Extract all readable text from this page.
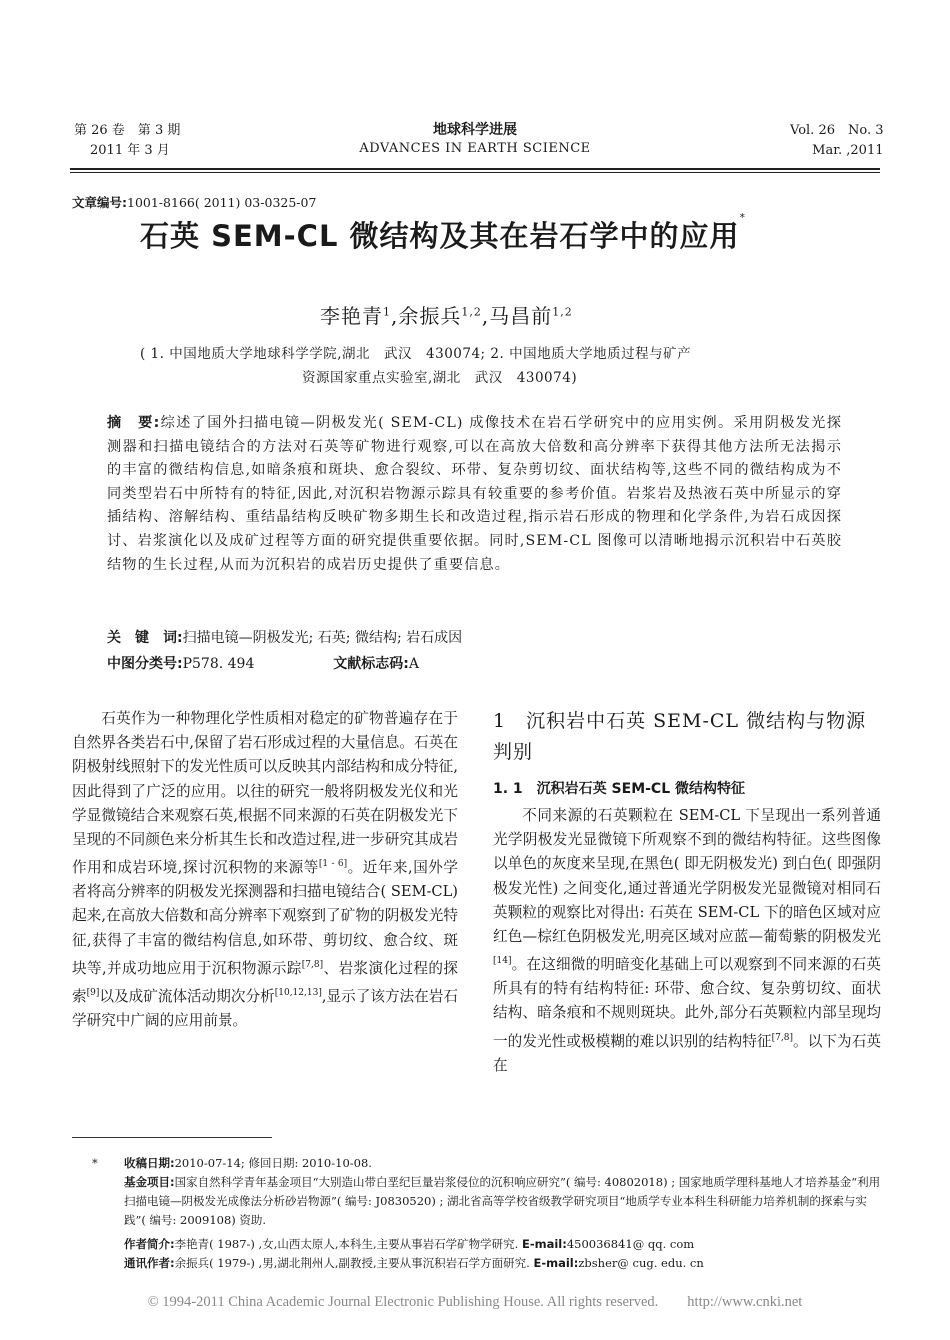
第 26 卷　第 3 期
2011 年 3 月
地球科学进展
ADVANCES IN EARTH SCIENCE
Vol. 26　No. 3
Mar. ,2011
文章编号:1001-8166( 2011) 03-0325-07
石英 SEM-CL 微结构及其在岩石学中的应用*
李艳青$^1$,余振兵$^{1,2}$,马昌前$^{1,2}$
( 1. 中国地质大学地球科学学院,湖北　武汉　430074; 2. 中国地质大学地质过程与矿产
资源国家重点实验室,湖北　武汉　430074)
摘　要:综述了国外扫描电镜—阴极发光( SEM-CL) 成像技术在岩石学研究中的应用实例。采用阴极发光探测器和扫描电镜结合的方法对石英等矿物进行观察,可以在高放大倍数和高分辨率下获得其他方法所无法揭示的丰富的微结构信息,如暗条痕和斑块、愈合裂纹、环带、复杂剪切纹、面状结构等,这些不同的微结构成为不同类型岩石中所特有的特征,因此,对沉积岩物源示踪具有较重要的参考价值。岩浆岩及热液石英中所显示的穿插结构、溶解结构、重结晶结构反映矿物多期生长和改造过程,指示岩石形成的物理和化学条件,为岩石成因探讨、岩浆演化以及成矿过程等方面的研究提供重要依据。同时,SEM-CL 图像可以清晰地揭示沉积岩中石英胶结物的生长过程,从而为沉积岩的成岩历史提供了重要信息。
关　键　词:扫描电镜—阴极发光; 石英; 微结构; 岩石成因
中图分类号:P578. 494	文献标志码:A

石英作为一种物理化学性质相对稳定的矿物普遍存在于自然界各类岩石中,保留了岩石形成过程的大量信息。石英在阴极射线照射下的发光性质可以反映其内部结构和成分特征,因此得到了广泛的应用。以往的研究一般将阴极发光仪和光学显微镜结合来观察石英,根据不同来源的石英在阴极发光下呈现的不同颜色来分析其生长和改造过程,进一步研究其成岩作用和成岩环境,探讨沉积物的来源等[1 - 6]。近年来,国外学者将高分辨率的阴极发光探测器和扫描电镜结合( SEM-CL) 起来,在高放大倍数和高分辨率下观察到了矿物的阴极发光特征,获得了丰富的微结构信息,如环带、剪切纹、愈合纹、斑块等,并成功地应用于沉积物源示踪[7,8]、岩浆演化过程的探索[9]以及成矿流体活动期次分析[10,12,13],显示了该方法在岩石学研究中广阔的应用前景。

1　沉积岩中石英 SEM-CL 微结构与物源判别
1. 1　沉积岩石英 SEM-CL 微结构特征

不同来源的石英颗粒在 SEM-CL 下呈现出一系列普通光学阴极发光显微镜下所观察不到的微结构特征。这些图像以单色的灰度来呈现,在黑色( 即无阴极发光) 到白色( 即强阴极发光性) 之间变化,通过普通光学阴极发光显微镜对相同石英颗粒的观察比对得出: 石英在 SEM-CL 下的暗色区域对应红色—棕红色阴极发光,明亮区域对应蓝—葡萄紫的阴极发光[14]。在这细微的明暗变化基础上可以观察到不同来源的石英所具有的特有结构特征: 环带、愈合纹、复杂剪切纹、面状结构、暗条痕和不规则斑块。此外,部分石英颗粒内部呈现均一的发光性或极模糊的难以识别的结构特征[7,8]。以下为石英在

* 收稿日期:2010-07-14; 修回日期: 2010-10-08.
基金项目:国家自然科学青年基金项目“大别造山带白垩纪巨量岩浆侵位的沉积响应研究”( 编号: 40802018) ; 国家地质学理科基地人才培养基金“利用扫描电镜—阴极发光成像法分析砂岩物源”( 编号: J0830520) ; 湖北省高等学校省级教学研究项目“地质学专业本科生科研能力培养机制的探索与实践”( 编号: 2009108) 资助.
作者简介:李艳青( 1987-) ,女,山西太原人,本科生,主要从事岩石学矿物学研究. E-mail:450036841@ qq. com
通讯作者:余振兵( 1979-) ,男,湖北荆州人,副教授,主要从事沉积岩石学方面研究. E-mail:zbsher@ cug. edu. cn
© 1994-2011 China Academic Journal Electronic Publishing House. All rights reserved.　　http://www.cnki.net
